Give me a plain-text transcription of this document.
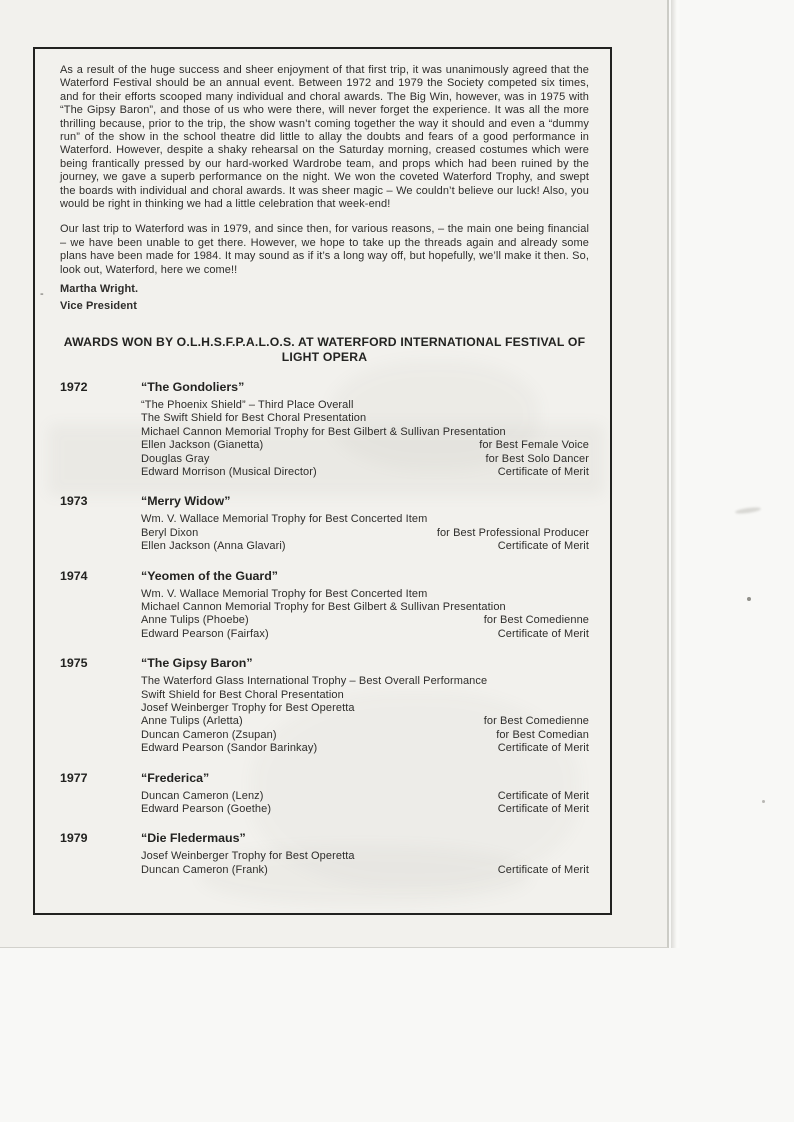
-

As a result of the huge success and sheer enjoyment of that first trip, it was unanimously agreed that the Waterford Festival should be an annual event. Between 1972 and 1979 the Society competed six times, and for their efforts scooped many individual and choral awards. The Big Win, however, was in 1975 with “The Gipsy Baron”, and those of us who were there, will never forget the experience. It was all the more thrilling because, prior to the trip, the show wasn’t coming together the way it should and even a “dummy run” of the show in the school theatre did little to allay the doubts and fears of a good performance in Waterford. However, despite a shaky rehearsal on the Saturday morning, creased costumes which were being frantically pressed by our hard-worked Wardrobe team, and props which had been ruined by the journey, we gave a superb performance on the night. We won the coveted Waterford Trophy, and swept the boards with individual and choral awards. It was sheer magic – We couldn’t believe our luck! Also, you would be right in thinking we had a little celebration that week-end!

Our last trip to Waterford was in 1979, and since then, for various reasons, – the main one being financial – we have been unable to get there. However, we hope to take up the threads again and already some plans have been made for 1984. It may sound as if it’s a long way off, but hopefully, we’ll make it then. So, look out, Waterford, here we come!!

Martha Wright.

Vice President

AWARDS WON BY O.L.H.S.F.P.A.L.O.S. AT WATERFORD INTERNATIONAL FESTIVAL OF
LIGHT OPERA
1972	“The Gondoliers”
“The Phoenix Shield” – Third Place Overall
The Swift Shield for Best Choral Presentation
Michael Cannon Memorial Trophy for Best Gilbert & Sullivan Presentation
Ellen Jackson (Gianetta)	for Best Female Voice
Douglas Gray	for Best Solo Dancer
Edward Morrison (Musical Director)	Certificate of Merit
1973	“Merry Widow”
Wm. V. Wallace Memorial Trophy for Best Concerted Item
Beryl Dixon	for Best Professional Producer
Ellen Jackson (Anna Glavari)	Certificate of Merit
1974	“Yeomen of the Guard”
Wm. V. Wallace Memorial Trophy for Best Concerted Item
Michael Cannon Memorial Trophy for Best Gilbert & Sullivan Presentation
Anne Tulips (Phoebe)	for Best Comedienne
Edward Pearson (Fairfax)	Certificate of Merit
1975	“The Gipsy Baron”
The Waterford Glass International Trophy – Best Overall Performance
Swift Shield for Best Choral Presentation
Josef Weinberger Trophy for Best Operetta
Anne Tulips (Arletta)	for Best Comedienne
Duncan Cameron (Zsupan)	for Best Comedian
Edward Pearson (Sandor Barinkay)	Certificate of Merit
1977	“Frederica”
Duncan Cameron (Lenz)	Certificate of Merit
Edward Pearson (Goethe)	Certificate of Merit
1979	“Die Fledermaus”
Josef Weinberger Trophy for Best Operetta
Duncan Cameron (Frank)	Certificate of Merit
